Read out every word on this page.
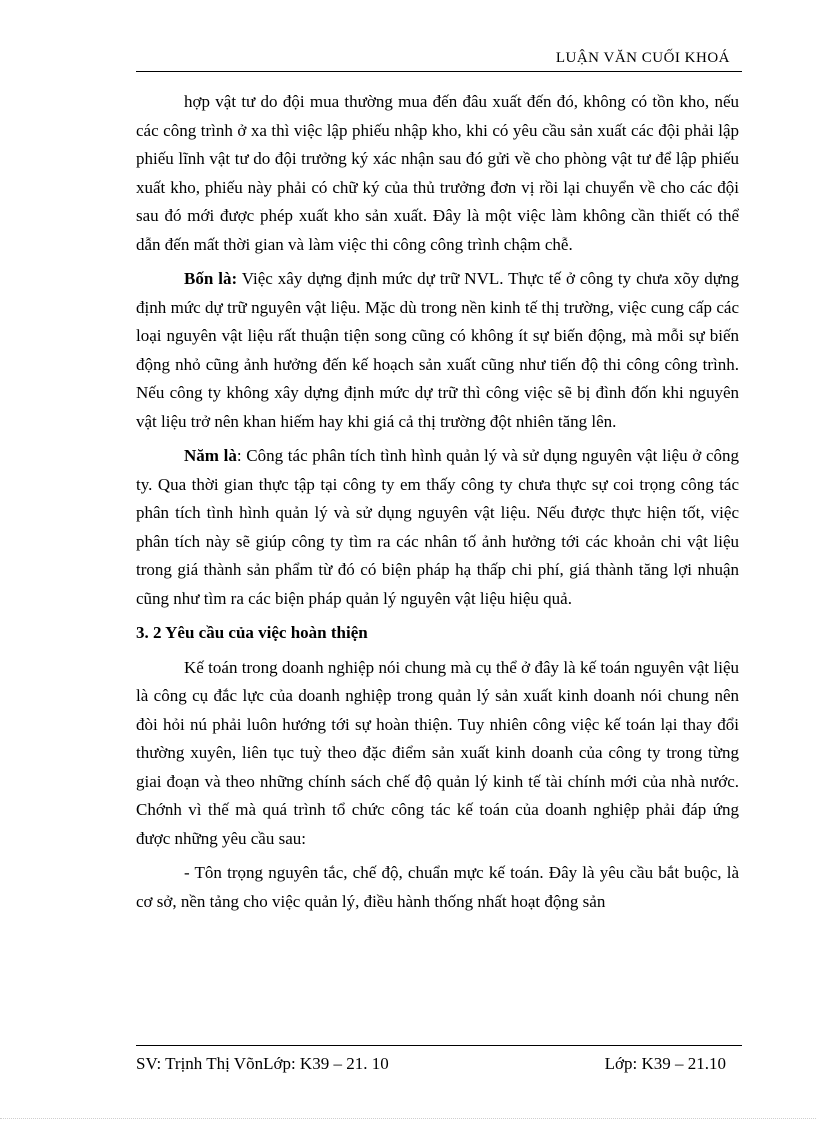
LUẬN VĂN CUỐI KHOÁ

hợp vật tư do đội mua thường mua đến đâu xuất đến đó, không có tồn kho, nếu các công trình ở xa thì việc lập phiếu nhập kho, khi có yêu cầu sản xuất các đội phải lập phiếu lĩnh vật tư do đội trưởng ký xác nhận sau đó gửi về cho phòng vật tư để lập phiếu xuất kho, phiếu này phải có chữ ký của thủ trưởng đơn vị rồi lại chuyển về cho các đội sau đó mới được phép xuất kho sản xuất. Đây là một việc làm không cần thiết có thể dẫn đến mất thời gian và làm việc thi công công trình chậm chễ.

Bốn là: Việc xây dựng định mức dự trữ NVL. Thực tế ở công ty chưa xõy dựng định mức dự trữ nguyên vật liệu. Mặc dù trong nền kinh tế thị trường, việc cung cấp các loại nguyên vật liệu rất thuận tiện song cũng có không ít sự biến động, mà mỗi sự biến động nhỏ cũng ảnh hưởng đến kế hoạch sản xuất cũng như tiến độ thi công công trình. Nếu công ty không xây dựng định mức dự trữ thì công việc sẽ bị đình đốn khi nguyên vật liệu trở nên khan hiếm hay khi giá cả thị trường đột nhiên tăng lên.

Năm là: Công tác phân tích tình hình quản lý và sử dụng nguyên vật liệu ở công ty. Qua thời gian thực tập tại công ty em thấy công ty chưa thực sự coi trọng công tác phân tích tình hình quản lý và sử dụng nguyên vật liệu. Nếu được thực hiện tốt, việc phân tích này sẽ giúp công ty tìm ra các nhân tố ảnh hưởng tới các khoản chi vật liệu trong giá thành sản phẩm từ đó có biện pháp hạ thấp chi phí, giá thành tăng lợi nhuận cũng như tìm ra các biện pháp quản lý nguyên vật liệu hiệu quả.

3. 2 Yêu cầu của việc hoàn thiện

Kế toán trong doanh nghiệp nói chung mà cụ thể ở đây là kế toán nguyên vật liệu là công cụ đắc lực của doanh nghiệp trong quản lý sản xuất kinh doanh nói chung nên đòi hỏi nú phải luôn hướng tới sự hoàn thiện. Tuy nhiên công việc kế toán lại thay đổi thường xuyên, liên tục tuỳ theo đặc điểm sản xuất kinh doanh của công ty trong từng giai đoạn và theo những chính sách chế độ quản lý kinh tế tài chính mới của nhà nước. Chớnh vì thế mà quá trình tổ chức công tác kế toán của doanh nghiệp phải đáp ứng được những yêu cầu sau:

- Tôn trọng nguyên tắc, chế độ, chuẩn mực kế toán. Đây là yêu cầu bắt buộc, là cơ sở, nền tảng cho việc quản lý, điều hành thống nhất hoạt động sản

SV: Trịnh Thị VõnLớp: K39 – 21. 10	Lớp: K39 – 21.10
